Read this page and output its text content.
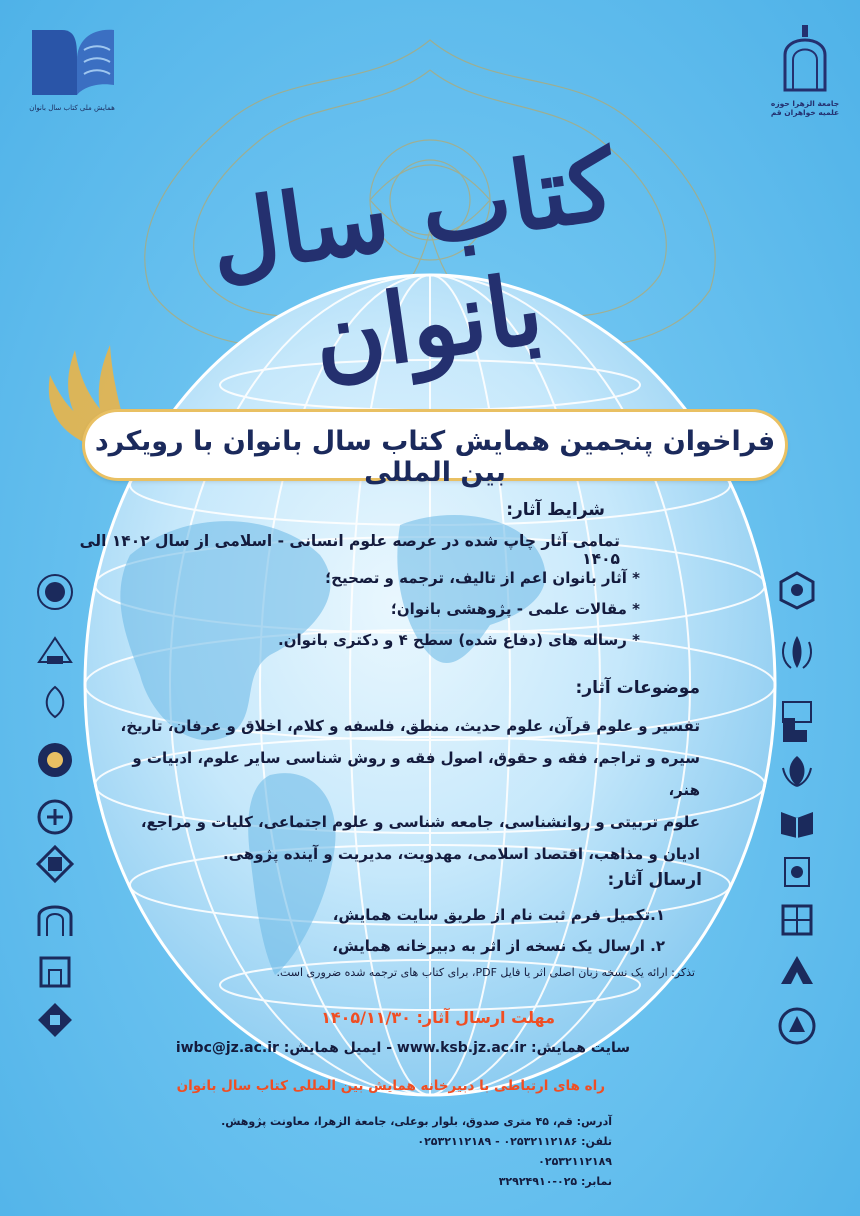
همایش ملی کتاب سال بانوان	جامعة الزهرا حوزه علمیه خواهران قم
کتاب سال بانوان
فراخوان پنجمین همایش کتاب سال بانوان با رویکرد بین المللی
شرایط آثار:
تمامی آثار چاپ شده در عرصه علوم انسانی - اسلامی از سال ۱۴۰۲ الی ۱۴۰۵
* آثار بانوان اعم از تالیف، ترجمه و تصحیح؛
* مقالات علمی - پژوهشی بانوان؛
* رساله های (دفاع شده) سطح ۴ و دکتری بانوان.
موضوعات آثار:
تفسیر و علوم قرآن، علوم حدیث، منطق، فلسفه و کلام، اخلاق و عرفان، تاریخ،
سیره و تراجم، فقه و حقوق، اصول فقه و روش شناسی سایر علوم، ادبیات و هنر،
علوم تربیتی و روانشناسی، جامعه شناسی و علوم اجتماعی، کلیات و مراجع،
ادیان و مذاهب، اقتصاد اسلامی، مهدویت، مدیریت و آینده پژوهی.
ارسال آثار:
۱.تکمیل فرم ثبت نام از طریق سایت همایش،
۲. ارسال یک نسخه از اثر به دبیرخانه همایش،
تذکر: ارائه یک نسخه زبان اصلی اثر یا فایل PDF، برای کتاب های ترجمه شده ضروری است.
مهلت ارسال آثار: ۱۴۰۵/۱۱/۳۰
سایت همایش: www.ksb.jz.ac.ir - ایمیل همایش: iwbc@jz.ac.ir
راه های ارتباطی با دبیرخانه همایش بین المللی کتاب سال بانوان
آدرس: قم، ۴۵ متری صدوق، بلوار بوعلی، جامعة الزهرا، معاونت پژوهش.
تلفن: ۰۲۵۳۲۱۱۲۱۸۶ - ۰۲۵۳۲۱۱۲۱۸۹
۰۲۵۳۲۱۱۲۱۸۹
نمابر: ۰۲۵-۳۲۹۲۴۹۱۰
